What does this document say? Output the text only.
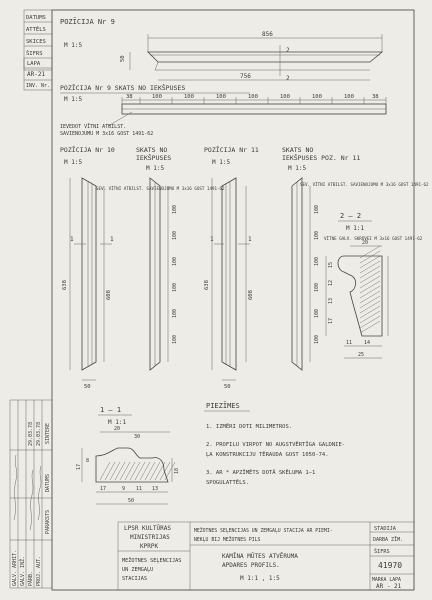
DATUMS
ATTĒLS
SKICES
ŠIFRS
LAPA
AR-21
INV. Nr.
GALV. ARHIT. GALV. INŽ. PĀRB. PROJ. AUT.
PARAKSTS
DATUMS
SINTERE
29.03.78 29.03.78
POZĪCIJA Nr 9
M 1:5
856
50
2
2
756
POZĪCIJA Nr 9 SKATS NO IEKŠPUSES
M 1:5	38	100	100	100	100	100	100	100	38
IEVEDOT VĪTNI ATBILST.
SAVIENOJUMU M 3x16 GOST 1491-62
POZĪCIJA Nr 10
M 1:5
SKATS NO
IEKŠPUSES
M 1:5
638
608
50
1	1
SEV. VĪTNI ATBILST. SAVIENOJUMU M 3x16 GOST 1491-62
100
100
100
100
100
100
POZĪCIJA Nr 11
M 1:5
SKATS NO
IEKŠPUSES POZ. Nr 11
M 1:5
638
608
50
1	1
100
100
100
100
100
100
SEV. VĪTNI ATBILST. SAVIENOJUMU M 3x16 GOST 1491-62
2 — 2
M 1:1
VĪTNE GALV. SKRŪVEI M 3x16 GOST 1491-62
20
15
12
13
17
11 14
25
1 — 1
M 1:1
20
30
17
18
8
17	9 11 13
50
PIEZĪMES
1. IZMĒRI DOTI MILIMETROS.
2. PROFILU VIRPOT NO AUGSTVĒRTĪGA GALDNIE-
ĻA KONSTRUKCIJU TĒRAUDA GOST 1050-74.
3. AR * APZĪMĒTS DOTĀ SKĒLUMA 1—1
SPOGULATTĒLS.
LPSR KULTŪRAS
MINISTRIJAS
KPRPK
MEŽOTNES SEĻENCIJAS
UN ZEMGAĻU
STACIJAS
MEŽOTNES SEĻENCIJAS UN ZEMGAĻU STACIJA AR PIEMI-
NEKĻU BIJ MEŽOTNES PILS
KAMĪNA MŪTES ATVĒRUMA
APDARES PROFILS.
M 1:1 , 1:5
STADIJA
DARBA ZĪM.
ŠIFRS
41970
MARKA LAPA
AR - 21
